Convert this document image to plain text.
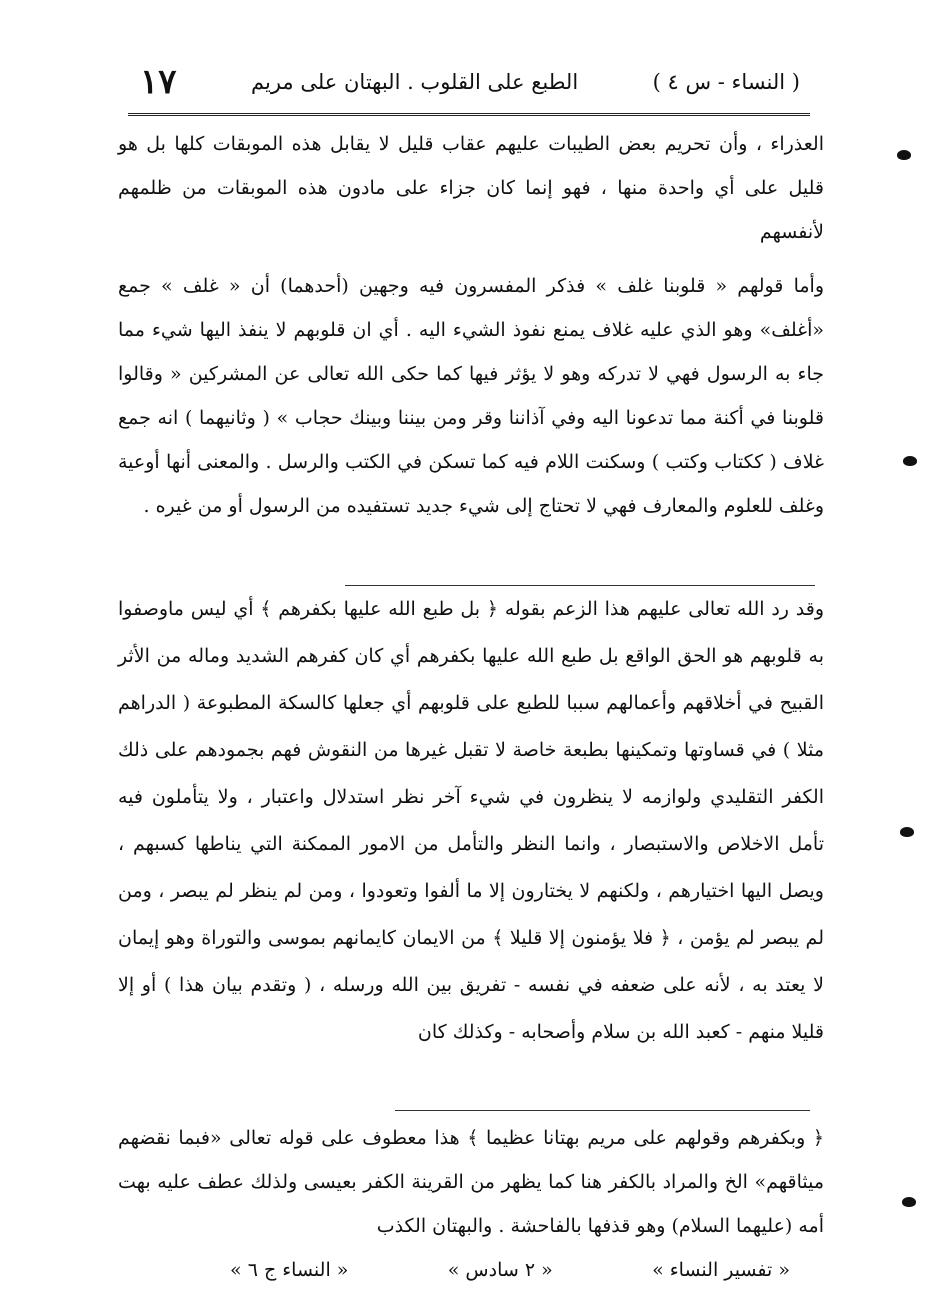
( النساء - س ٤ )
الطبع على القلوب . البهتان على مريم
١٧

العذراء ، وأن تحريم بعض الطيبات عليهم عقاب قليل لا يقابل هذه الموبقات كلها بل هو قليل على أي واحدة منها ، فهو إنما كان جزاء على مادون هذه الموبقات من ظلمهم لأنفسهم

وأما قولهم « قلوبنا غلف » فذكر المفسرون فيه وجهين (أحدهما) أن « غلف » جمع «أغلف» وهو الذي عليه غلاف يمنع نفوذ الشيء اليه . أي ان قلوبهم لا ينفذ اليها شيء مما جاء به الرسول فهي لا تدركه وهو لا يؤثر فيها كما حكى الله تعالى عن المشركين « وقالوا قلوبنا في أكنة مما تدعونا اليه وفي آذاننا وقر ومن بيننا وبينك حجاب » ( وثانيهما ) انه جمع غلاف ( ككتاب وكتب ) وسكنت اللام فيه كما تسكن في الكتب والرسل . والمعنى أنها أوعية وغلف للعلوم والمعارف فهي لا تحتاج إلى شيء جديد تستفيده من الرسول أو من غيره .

وقد رد الله تعالى عليهم هذا الزعم بقوله ﴿ بل طبع الله عليها بكفرهم ﴾ أي ليس ماوصفوا به قلوبهم هو الحق الواقع بل طبع الله عليها بكفرهم أي كان كفرهم الشديد وماله من الأثر القبيح في أخلاقهم وأعمالهم سببا للطبع على قلوبهم أي جعلها كالسكة المطبوعة ( الدراهم مثلا ) في قساوتها وتمكينها بطبعة خاصة لا تقبل غيرها من النقوش فهم بجمودهم على ذلك الكفر التقليدي ولوازمه لا ينظرون في شيء آخر نظر استدلال واعتبار ، ولا يتأملون فيه تأمل الاخلاص والاستبصار ، وانما النظر والتأمل من الامور الممكنة التي يناطها كسبهم ، ويصل اليها اختيارهم ، ولكنهم لا يختارون إلا ما ألفوا وتعودوا ، ومن لم ينظر لم يبصر ، ومن لم يبصر لم يؤمن ، ﴿ فلا يؤمنون إلا قليلا ﴾ من الايمان كايمانهم بموسى والتوراة وهو إيمان لا يعتد به ، لأنه على ضعفه في نفسه - تفريق بين الله ورسله ، ( وتقدم بيان هذا ) أو إلا قليلا منهم - كعبد الله بن سلام وأصحابه - وكذلك كان

﴿ وبكفرهم وقولهم على مريم بهتانا عظيما ﴾ هذا معطوف على قوله تعالى «فبما نقضهم ميثاقهم» الخ والمراد بالكفر هنا كما يظهر من القرينة الكفر بعيسى ولذلك عطف عليه بهت أمه (عليهما السلام) وهو قذفها بالفاحشة . والبهتان الكذب

« تفسير النساء »
« ٢ سادس »
« النساء ج ٦ »
